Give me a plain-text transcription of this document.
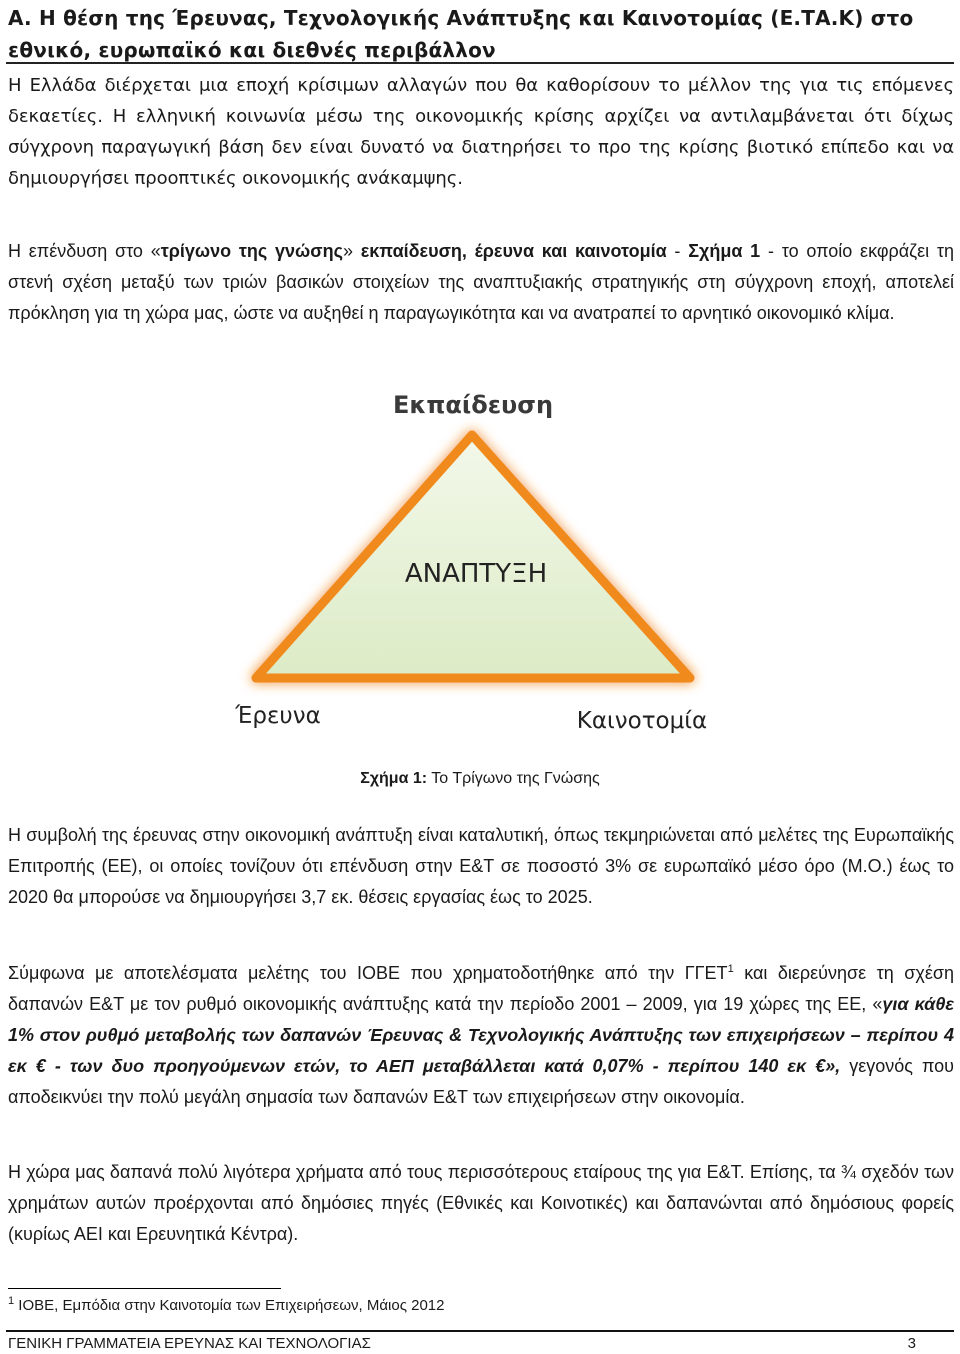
A. Η θέση της Έρευνας, Τεχνολογικής Ανάπτυξης και Καινοτομίας (Ε.ΤΑ.Κ) στο εθνικό, ευρωπαϊκό και διεθνές περιβάλλον

Η Ελλάδα διέρχεται μια εποχή κρίσιμων αλλαγών που θα καθορίσουν το μέλλον της για τις επόμενες δεκαετίες. Η ελληνική κοινωνία μέσω της οικονομικής κρίσης αρχίζει να αντιλαμβάνεται ότι δίχως σύγχρονη παραγωγική βάση δεν είναι δυνατό να διατηρήσει το προ της κρίσης βιοτικό επίπεδο και να δημιουργήσει προοπτικές οικονομικής ανάκαμψης.

Η επένδυση στο «τρίγωνο της γνώσης» εκπαίδευση, έρευνα και καινοτομία - Σχήμα 1 - το οποίο εκφράζει τη στενή σχέση μεταξύ των τριών βασικών στοιχείων της αναπτυξιακής στρατηγικής στη σύγχρονη εποχή, αποτελεί πρόκληση για τη χώρα μας, ώστε να αυξηθεί η παραγωγικότητα και να ανατραπεί το αρνητικό οικονομικό κλίμα.

Εκπαίδευση
ΑΝΑΠΤΥΞΗ
Έρευνα	Καινοτομία
Σχήμα 1: Το Τρίγωνο της Γνώσης

Η συμβολή της έρευνας στην οικονομική ανάπτυξη είναι καταλυτική, όπως τεκμηριώνεται από μελέτες της Ευρωπαϊκής Επιτροπής (ΕΕ), οι οποίες τονίζουν ότι επένδυση στην Ε&Τ σε ποσοστό 3% σε ευρωπαϊκό μέσο όρο (Μ.Ο.) έως το 2020 θα μπορούσε να δημιουργήσει 3,7 εκ. θέσεις εργασίας έως το 2025.

Σύμφωνα με αποτελέσματα μελέτης του ΙΟΒΕ που χρηματοδοτήθηκε από την ΓΓΕΤ$^1$ και διερεύνησε τη σχέση δαπανών Ε&Τ με τον ρυθμό οικονομικής ανάπτυξης κατά την περίοδο 2001 – 2009, για 19 χώρες της ΕΕ, «για κάθε 1% στον ρυθμό μεταβολής των δαπανών Έρευνας & Τεχνολογικής Ανάπτυξης των επιχειρήσεων – περίπου 4 εκ € - των δυο προηγούμενων ετών, το ΑΕΠ μεταβάλλεται κατά 0,07% - περίπου 140 εκ €», γεγονός που αποδεικνύει την πολύ μεγάλη σημασία των δαπανών Ε&Τ των επιχειρήσεων στην οικονομία.

Η χώρα μας δαπανά πολύ λιγότερα χρήματα από τους περισσότερους εταίρους της για Ε&Τ. Επίσης, τα ¾ σχεδόν των χρημάτων αυτών προέρχονται από δημόσιες πηγές (Εθνικές και Κοινοτικές) και δαπανώνται από δημόσιους φορείς (κυρίως ΑΕΙ και Ερευνητικά Κέντρα).

$^1$ ΙΟΒΕ, Εμπόδια στην Καινοτομία των Επιχειρήσεων, Μάιος 2012
ΓΕΝΙΚΗ ΓΡΑΜΜΑΤΕΙΑ ΕΡΕΥΝΑΣ ΚΑΙ ΤΕΧΝΟΛΟΓΙΑΣ	3
